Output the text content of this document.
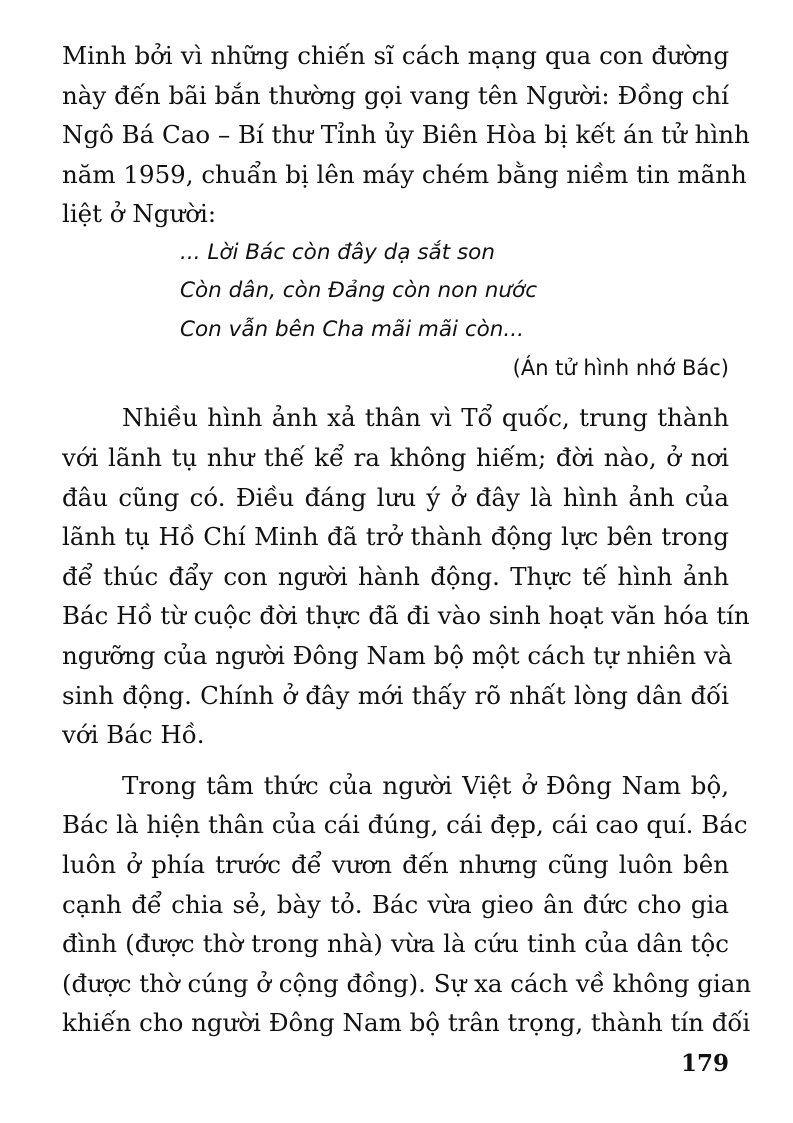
Minh bởi vì những chiến sĩ cách mạng qua con đường
này đến bãi bắn thường gọi vang tên Người: Đồng chí
Ngô Bá Cao – Bí thư Tỉnh ủy Biên Hòa bị kết án tử hình
năm 1959, chuẩn bị lên máy chém bằng niềm tin mãnh
liệt ở Người:
... Lời Bác còn đây dạ sắt son
Còn dân, còn Đảng còn non nước
Con vẫn bên Cha mãi mãi còn...
(Án tử hình nhớ Bác)
Nhiều hình ảnh xả thân vì Tổ quốc, trung thành
với lãnh tụ như thế kể ra không hiếm; đời nào, ở nơi
đâu cũng có. Điều đáng lưu ý ở đây là hình ảnh của
lãnh tụ Hồ Chí Minh đã trở thành động lực bên trong
để thúc đẩy con người hành động. Thực tế hình ảnh
Bác Hồ từ cuộc đời thực đã đi vào sinh hoạt văn hóa tín
ngưỡng của người Đông Nam bộ một cách tự nhiên và
sinh động. Chính ở đây mới thấy rõ nhất lòng dân đối
với Bác Hồ.
Trong tâm thức của người Việt ở Đông Nam bộ,
Bác là hiện thân của cái đúng, cái đẹp, cái cao quí. Bác
luôn ở phía trước để vươn đến nhưng cũng luôn bên
cạnh để chia sẻ, bày tỏ. Bác vừa gieo ân đức cho gia
đình (được thờ trong nhà) vừa là cứu tinh của dân tộc
(được thờ cúng ở cộng đồng). Sự xa cách về không gian
khiến cho người Đông Nam bộ trân trọng, thành tín đối
179
